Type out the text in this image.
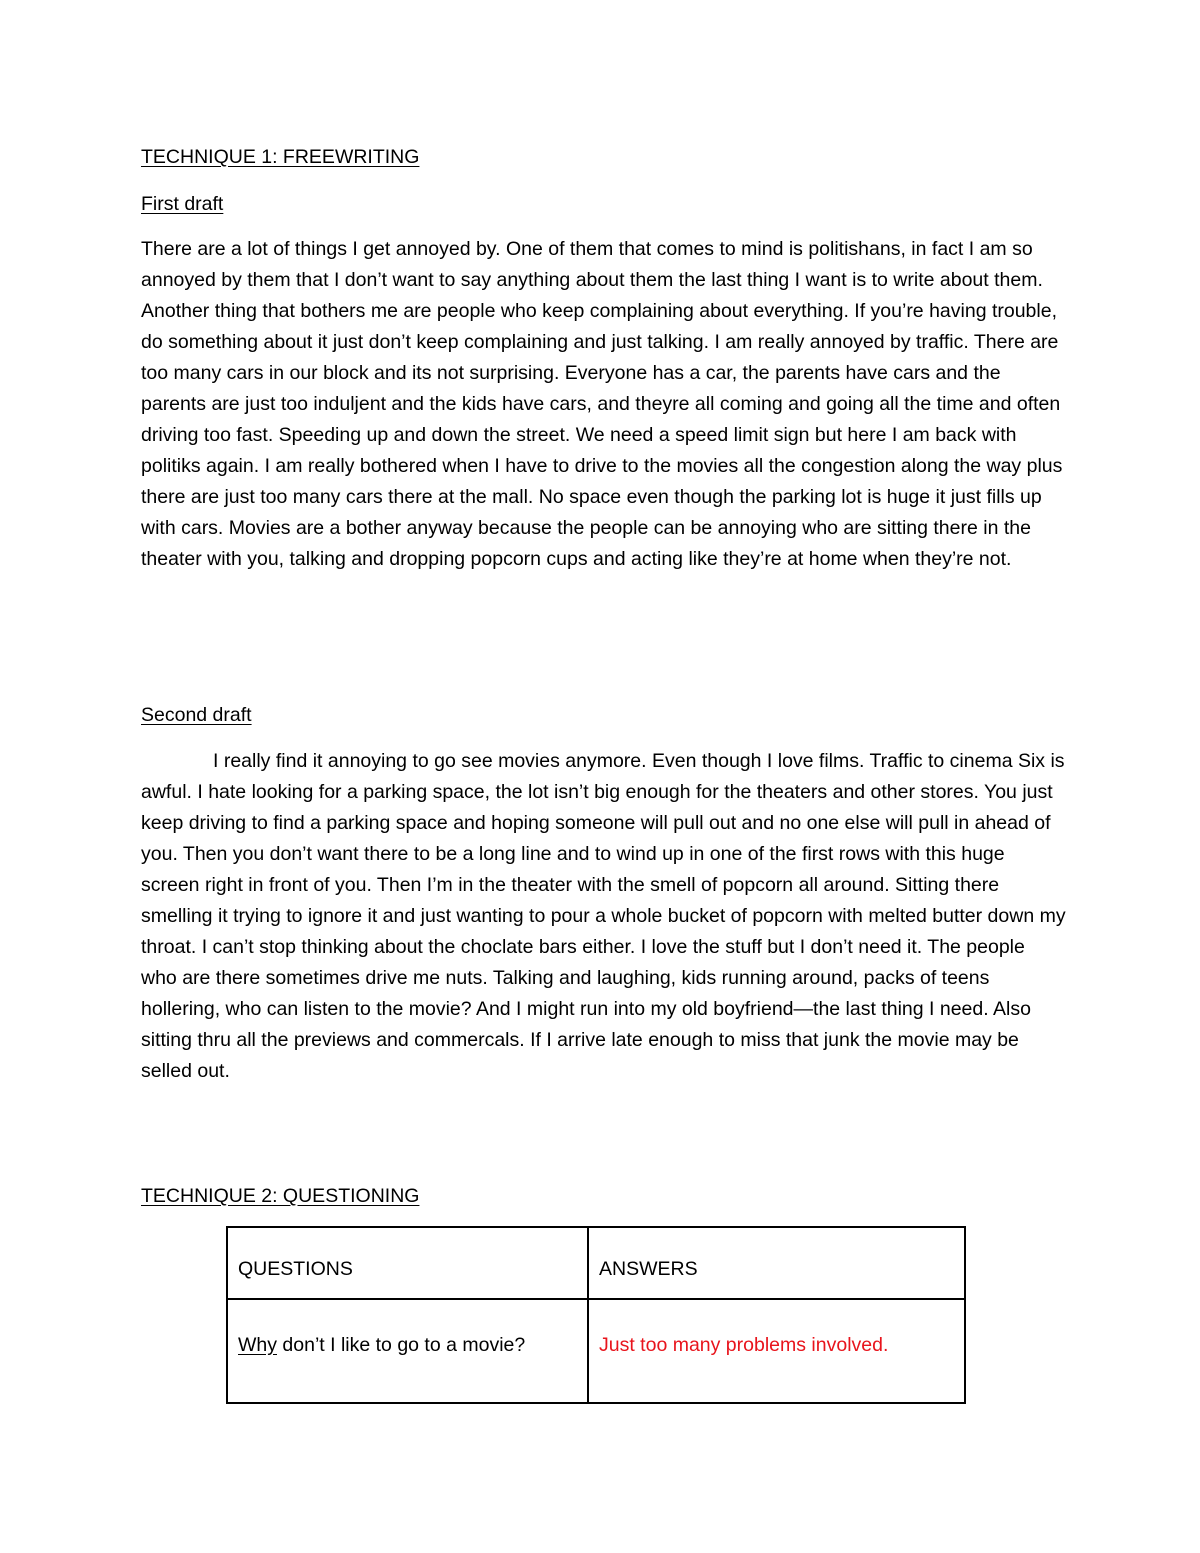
TECHNIQUE 1: FREEWRITING
First draft

There are a lot of things I get annoyed by. One of them that comes to mind is politishans, in fact I am so annoyed by them that I don’t want to say anything about them the last thing I want is to write about them. Another thing that bothers me are people who keep complaining about everything. If you’re having trouble, do something about it just don’t keep complaining and just talking. I am really annoyed by traffic. There are too many cars in our block and its not surprising. Everyone has a car, the parents have cars and the parents are just too induljent and the kids have cars, and theyre all coming and going all the time and often driving too fast. Speeding up and down the street. We need a speed limit sign but here I am back with politiks again. I am really bothered when I have to drive to the movies all the congestion along the way plus there are just too many cars there at the mall. No space even though the parking lot is huge it just fills up with cars. Movies are a bother anyway because the people can be annoying who are sitting there in the theater with you, talking and dropping popcorn cups and acting like they’re at home when they’re not.

Second draft

I really find it annoying to go see movies anymore. Even though I love films. Traffic to cinema Six is awful. I hate looking for a parking space, the lot isn’t big enough for the theaters and other stores. You just keep driving to find a parking space and hoping someone will pull out and no one else will pull in ahead of you. Then you don’t want there to be a long line and to wind up in one of the first rows with this huge screen right in front of you. Then I’m in the theater with the smell of popcorn all around. Sitting there smelling it trying to ignore it and just wanting to pour a whole bucket of popcorn with melted butter down my throat. I can’t stop thinking about the choclate bars either. I love the stuff but I don’t need it. The people who are there sometimes drive me nuts. Talking and laughing, kids running around, packs of teens hollering, who can listen to the movie? And I might run into my old boyfriend—the last thing I need. Also sitting thru all the previews and commercals. If I arrive late enough to miss that junk the movie may be selled out.

TECHNIQUE 2: QUESTIONING
QUESTIONS	ANSWERS
Why don’t I like to go to a movie?	Just too many problems involved.
